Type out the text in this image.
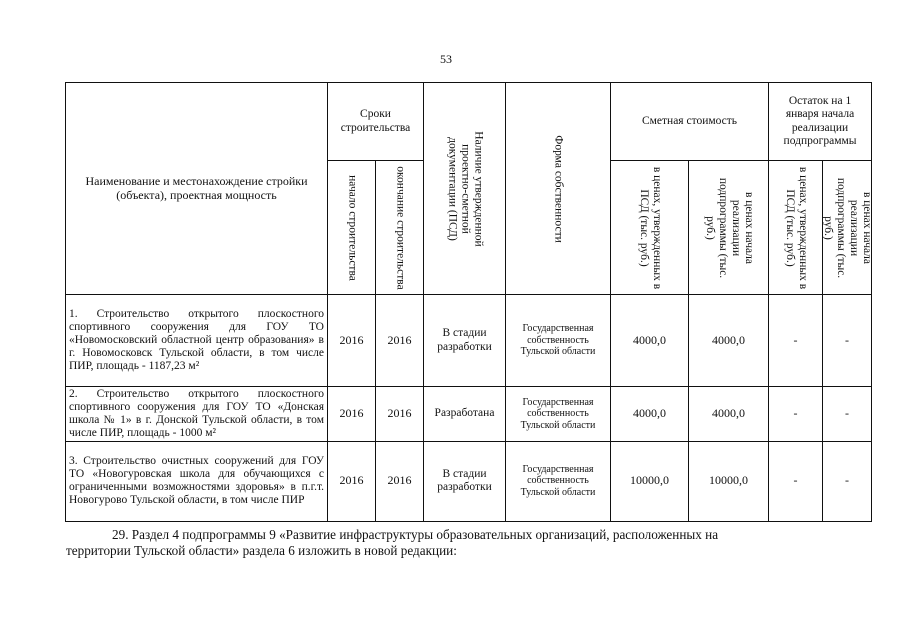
53
Наименование и местонахождение стройки (объекта), проектная мощность	Сроки строительства		Наличие утвержденной проектно-сметной документации (ПСД)	Форма собственности	Сметная стоимость		Остаток на 1 января начала реализации подпрограммы	

	начало строительства	окончание строительства			в ценах, утвержденных в ПСД (тыс. руб.)	в ценах начала реализации подпрограммы (тыс. руб.)	в ценах, утвержденных в ПСД (тыс. руб.)	в ценах начала реализации подпрограммы (тыс. руб.)

1. Строительство открытого плоскостного спортивного сооружения для ГОУ ТО «Новомосковский областной центр образования» в г. Новомосковск Тульской области, в том числе ПИР, площадь - 1187,23 м²	2016	2016	В стадии разработки	Государственная собственность Тульской области	4000,0	4000,0	-	-
2. Строительство открытого плоскостного спортивного сооружения для ГОУ ТО «Донская школа № 1» в г. Донской Тульской области, в том числе ПИР, площадь - 1000 м²	2016	2016	Разработана	Государственная собственность Тульской области	4000,0	4000,0	-	-
3. Строительство очистных сооружений для ГОУ ТО «Новогуровская школа для обучающихся с ограниченными возможностями здоровья» в п.г.т. Новогурово Тульской области, в том числе ПИР	2016	2016	В стадии разработки	Государственная собственность Тульской области	10000,0	10000,0	-	-
29. Раздел 4 подпрограммы 9 «Развитие инфраструктуры образовательных организаций, расположенных на
территории Тульской области» раздела 6 изложить в новой редакции:
